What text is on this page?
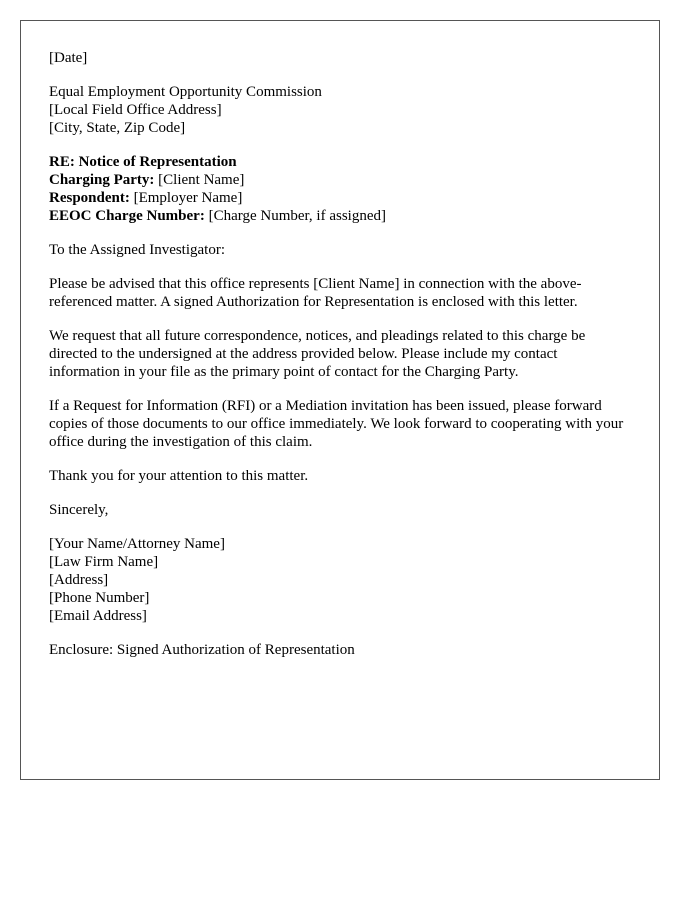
[Date]
Equal Employment Opportunity Commission
[Local Field Office Address]
[City, State, Zip Code]
RE: Notice of Representation
Charging Party: [Client Name]
Respondent: [Employer Name]
EEOC Charge Number: [Charge Number, if assigned]
To the Assigned Investigator:
Please be advised that this office represents [Client Name] in connection with the above-referenced matter. A signed Authorization for Representation is enclosed with this letter.
We request that all future correspondence, notices, and pleadings related to this charge be directed to the undersigned at the address provided below. Please include my contact information in your file as the primary point of contact for the Charging Party.
If a Request for Information (RFI) or a Mediation invitation has been issued, please forward copies of those documents to our office immediately. We look forward to cooperating with your office during the investigation of this claim.
Thank you for your attention to this matter.
Sincerely,
[Your Name/Attorney Name]
[Law Firm Name]
[Address]
[Phone Number]
[Email Address]
Enclosure: Signed Authorization of Representation
